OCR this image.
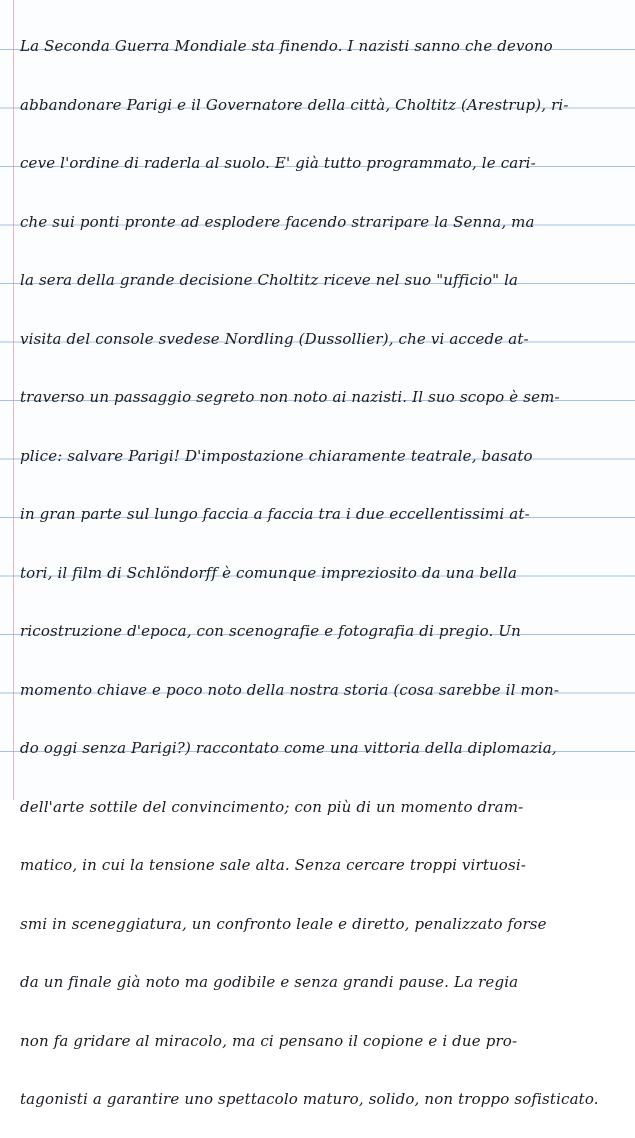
La Seconda Guerra Mondiale sta finendo. I nazisti sanno che devono
abbandonare Parigi e il Governatore della città, Choltitz (Arestrup), ri-
ceve l'ordine di raderla al suolo. E' già tutto programmato, le cari-
che sui ponti pronte ad esplodere facendo straripare la Senna, ma
la sera della grande decisione Choltitz riceve nel suo "ufficio" la
visita del console svedese Nordling (Dussollier), che vi accede at-
traverso un passaggio segreto non noto ai nazisti. Il suo scopo è sem-
plice: salvare Parigi! D'impostazione chiaramente teatrale, basato
in gran parte sul lungo faccia a faccia tra i due eccellentissimi at-
tori, il film di Schlöndorff è comunque impreziosito da una bella
ricostruzione d'epoca, con scenografie e fotografia di pregio. Un
momento chiave e poco noto della nostra storia (cosa sarebbe il mon-
do oggi senza Parigi?) raccontato come una vittoria della diplomazia,
dell'arte sottile del convincimento; con più di un momento dram-
matico, in cui la tensione sale alta. Senza cercare troppi virtuosi-
smi in sceneggiatura, un confronto leale e diretto, penalizzato forse
da un finale già noto ma godibile e senza grandi pause. La regia
non fa gridare al miracolo, ma ci pensano il copione e i due pro-
tagonisti a garantire uno spettacolo maturo, solido, non troppo sofisticato.
